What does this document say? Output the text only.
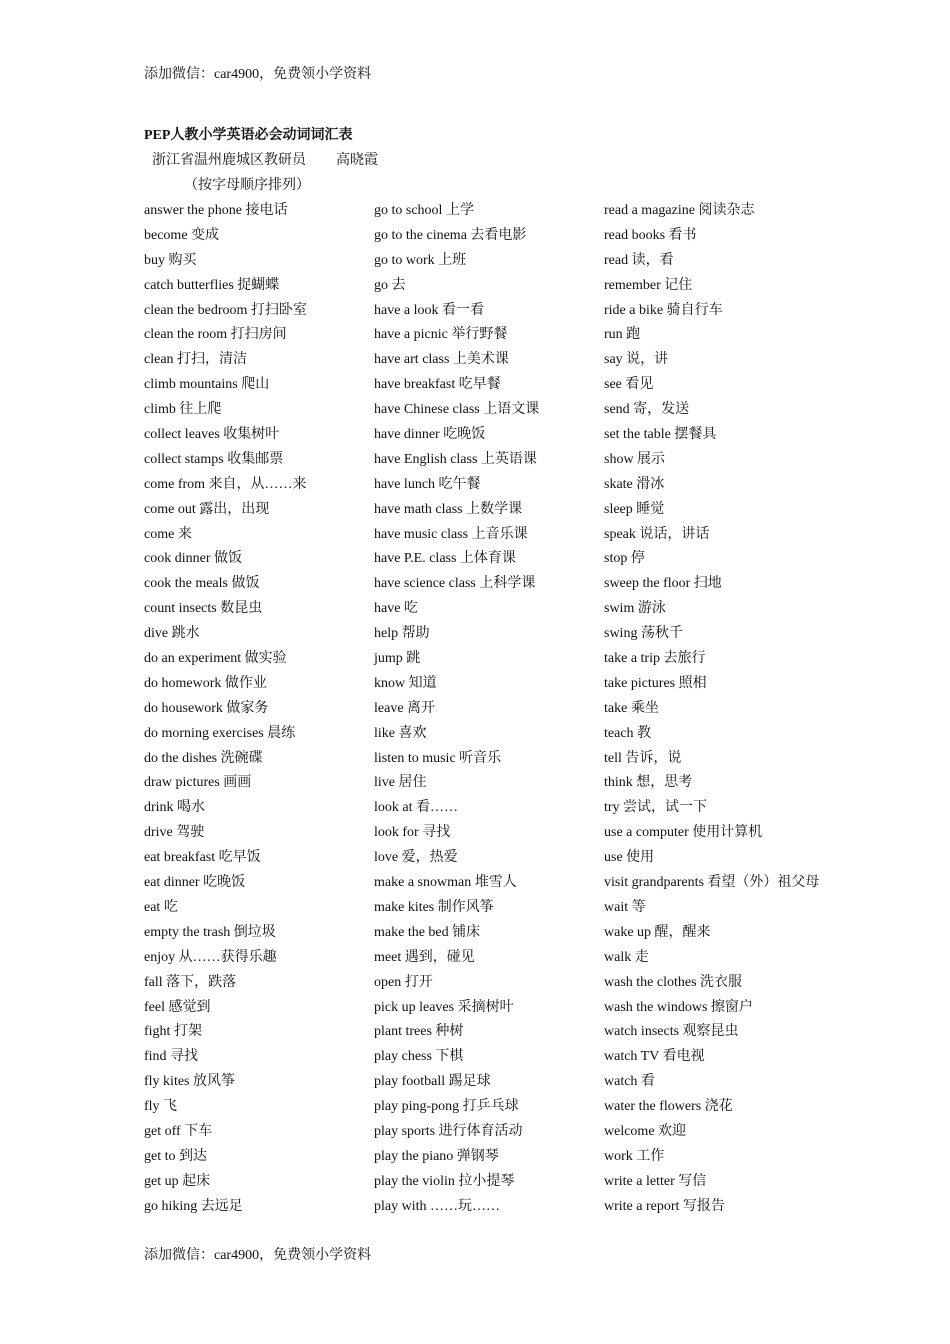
添加微信：car4900，免费领小学资料
PEP人教小学英语必会动词词汇表
浙江省温州鹿城区教研员 高晓霞
（按字母顺序排列）
answer the phone 接电话
become 变成
buy 购买
catch butterflies 捉蝴蝶
clean the bedroom 打扫卧室
clean the room 打扫房间
clean 打扫，清洁
climb mountains 爬山
climb 往上爬
collect leaves 收集树叶
collect stamps 收集邮票
come from 来自，从……来
come out 露出，出现
come 来
cook dinner 做饭
cook the meals 做饭
count insects 数昆虫
dive 跳水
do an experiment 做实验
do homework 做作业
do housework 做家务
do morning exercises 晨练
do the dishes 洗碗碟
draw pictures 画画
drink 喝水
drive 驾驶
eat breakfast 吃早饭
eat dinner 吃晚饭
eat 吃
empty the trash 倒垃圾
enjoy 从……获得乐趣
fall 落下，跌落
feel 感觉到
fight 打架
find 寻找
fly kites 放风筝
fly 飞
get off 下车
get to 到达
get up 起床
go hiking 去远足
go to school 上学
go to the cinema 去看电影
go to work 上班
go 去
have a look 看一看
have a picnic 举行野餐
have art class 上美术课
have breakfast 吃早餐
have Chinese class 上语文课
have dinner 吃晚饭
have English class 上英语课
have lunch 吃午餐
have math class 上数学课
have music class 上音乐课
have P.E. class 上体育课
have science class 上科学课
have 吃
help 帮助
jump 跳
know 知道
leave 离开
like 喜欢
listen to music 听音乐
live 居住
look at 看……
look for 寻找
love 爱，热爱
make a snowman 堆雪人
make kites 制作风筝
make the bed 铺床
meet 遇到，碰见
open 打开
pick up leaves 采摘树叶
plant trees 种树
play chess 下棋
play football 踢足球
play ping-pong 打乒乓球
play sports 进行体育活动
play the piano 弹钢琴
play the violin 拉小提琴
play with ……玩……
read a magazine 阅读杂志
read books 看书
read 读，看
remember 记住
ride a bike 骑自行车
run 跑
say 说，讲
see 看见
send 寄，发送
set the table 摆餐具
show 展示
skate 滑冰
sleep 睡觉
speak 说话，讲话
stop 停
sweep the floor 扫地
swim 游泳
swing 荡秋千
take a trip 去旅行
take pictures 照相
take 乘坐
teach 教
tell 告诉，说
think 想，思考
try 尝试，试一下
use a computer 使用计算机
use 使用
visit grandparents 看望（外）祖父母
wait 等
wake up 醒，醒来
walk 走
wash the clothes 洗衣服
wash the windows 擦窗户
watch insects 观察昆虫
watch TV 看电视
watch 看
water the flowers 浇花
welcome 欢迎
work 工作
write a letter 写信
write a report 写报告
添加微信：car4900，免费领小学资料
